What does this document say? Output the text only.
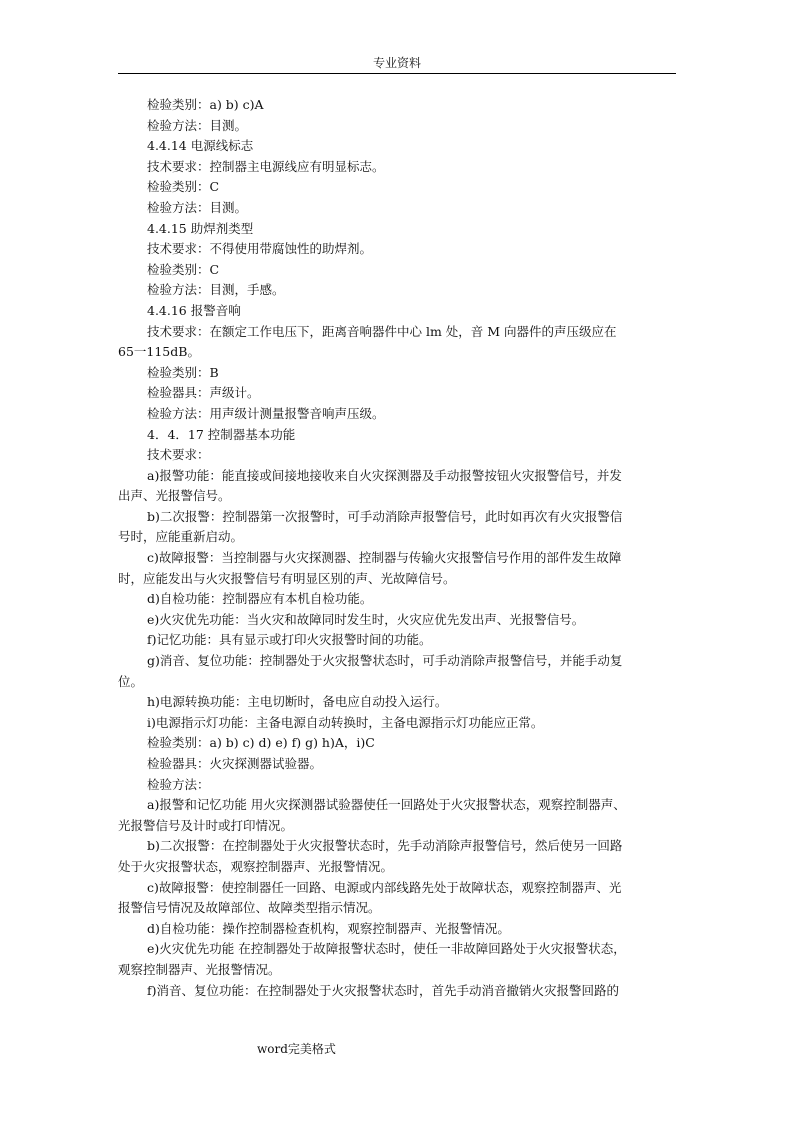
专业资料

检验类别：a) b) c)A

检验方法：目测。

4.4.14 电源线标志

技术要求：控制器主电源线应有明显标志。

检验类别：C

检验方法：目测。

4.4.15 助焊剂类型

技术要求：不得使用带腐蚀性的助焊剂。

检验类别：C

检验方法：目测，手感。

4.4.16 报警音响

技术要求：在额定工作电压下，距离音响器件中心 lm 处，音 M 向器件的声压级应在

65一115dB。

检验类别：B

检验器具：声级计。

检验方法：用声级计测量报警音响声压级。

4．4．17 控制器基本功能

技术要求：

a)报警功能：能直接或间接地接收来自火灾探测器及手动报警按钮火灾报警信号，并发

出声、光报警信号。

b)二次报警：控制器第一次报警时，可手动消除声报警信号，此时如再次有火灾报警信

号时，应能重新启动。

c)故障报警：当控制器与火灾探测器、控制器与传输火灾报警信号作用的部件发生故障

时，应能发出与火灾报警信号有明显区别的声、光故障信号。

d)自检功能：控制器应有本机自检功能。

e)火灾优先功能：当火灾和故障同时发生时，火灾应优先发出声、光报警信号。

f)记忆功能：具有显示或打印火灾报警时间的功能。

g)消音、复位功能：控制器处于火灾报警状态时，可手动消除声报警信号，并能手动复

位。

h)电源转换功能：主电切断时，备电应自动投入运行。

i)电源指示灯功能：主备电源自动转换时，主备电源指示灯功能应正常。

检验类别：a) b) c) d) e) f) g) h)A，i)C

检验器具：火灾探测器试验器。

检验方法：

a)报警和记忆功能 用火灾探测器试验器使任一回路处于火灾报警状态，观察控制器声、

光报警信号及计时或打印情况。

b)二次报警：在控制器处于火灾报警状态时，先手动消除声报警信号，然后使另一回路

处于火灾报警状态，观察控制器声、光报警情况。

c)故障报警：使控制器任一回路、电源或内部线路先处于故障状态，观察控制器声、光

报警信号情况及故障部位、故障类型指示情况。

d)自检功能：操作控制器检查机构，观察控制器声、光报警情况。

e)火灾优先功能 在控制器处于故障报警状态时，使任一非故障回路处于火灾报警状态，

观察控制器声、光报警情况。

f)消音、复位功能：在控制器处于火灾报警状态时，首先手动消音撤销火灾报警回路的

word完美格式
